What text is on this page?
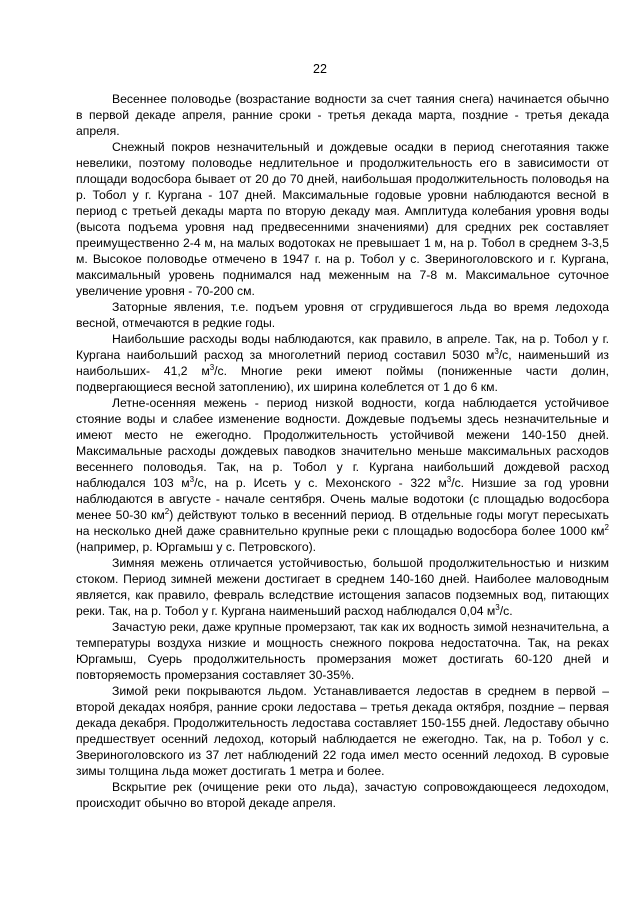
22

Весеннее половодье (возрастание водности за счет таяния снега) начинается обычно в первой декаде апреля, ранние сроки - третья декада марта, поздние - третья декада апреля.

Снежный покров незначительный и дождевые осадки в период снеготаяния также невелики, поэтому половодье недлительное и продолжительность его в зависимости от площади водосбора бывает от 20 до 70 дней, наибольшая продолжительность половодья на р. Тобол у г. Кургана - 107 дней. Максимальные годовые уровни наблюдаются весной в период с третьей декады марта по вторую декаду мая. Амплитуда колебания уровня воды (высота подъема уровня над предвесенними значениями) для средних рек составляет преимущественно 2-4 м, на малых водотоках не превышает 1 м, на р. Тобол в среднем 3-3,5 м. Высокое половодье отмечено в 1947 г. на р. Тобол у с. Звериноголовского и г. Кургана, максимальный уровень поднимался над меженным на 7-8 м. Максимальное суточное увеличение уровня - 70-200 см.

Заторные явления, т.е. подъем уровня от сгрудившегося льда во время ледохода весной, отмечаются в редкие годы.

Наибольшие расходы воды наблюдаются, как правило, в апреле. Так, на р. Тобол у г. Кургана наибольший расход за многолетний период составил 5030 $м^3/с$, наименьший из наибольших- 41,2 $м^3/с$. Многие реки имеют поймы (пониженные части долин, подвергающиеся весной затоплению), их ширина колеблется от 1 до 6 км.

Летне-осенняя межень - период низкой водности, когда наблюдается устойчивое стояние воды и слабее изменение водности. Дождевые подъемы здесь незначительные и имеют место не ежегодно. Продолжительность устойчивой межени 140-150 дней. Максимальные расходы дождевых паводков значительно меньше максимальных расходов весеннего половодья. Так, на р. Тобол у г. Кургана наибольший дождевой расход наблюдался 103 $м^3/с$, на р. Исеть у с. Мехонского - 322 $м^3/с$. Низшие за год уровни наблюдаются в августе - начале сентября. Очень малые водотоки (с площадью водосбора менее 50-30 $км^2$) действуют только в весенний период. В отдельные годы могут пересыхать на несколько дней даже сравнительно крупные реки с площадью водосбора более 1000 $км^2$ (например, р. Юргамыш у с. Петровского).

Зимняя межень отличается устойчивостью, большой продолжительностью и низким стоком. Период зимней межени достигает в среднем 140-160 дней. Наиболее маловодным является, как правило, февраль вследствие истощения запасов подземных вод, питающих реки. Так, на р. Тобол у г. Кургана наименьший расход наблюдался 0,04 $м^3/с$.

Зачастую реки, даже крупные промерзают, так как их водность зимой незначительна, а температуры воздуха низкие и мощность снежного покрова недостаточна. Так, на реках Юргамыш, Суерь продолжительность промерзания может достигать 60-120 дней и повторяемость промерзания составляет 30-35%.

Зимой реки покрываются льдом. Устанавливается ледостав в среднем в первой – второй декадах ноября, ранние сроки ледостава – третья декада октября, поздние – первая декада декабря. Продолжительность ледостава составляет 150-155 дней. Ледоставу обычно предшествует осенний ледоход, который наблюдается не ежегодно. Так, на р. Тобол у с. Звериноголовского из 37 лет наблюдений 22 года имел место осенний ледоход. В суровые зимы толщина льда может достигать 1 метра и более.

Вскрытие рек (очищение реки ото льда), зачастую сопровождающееся ледоходом, происходит обычно во второй декаде апреля.
